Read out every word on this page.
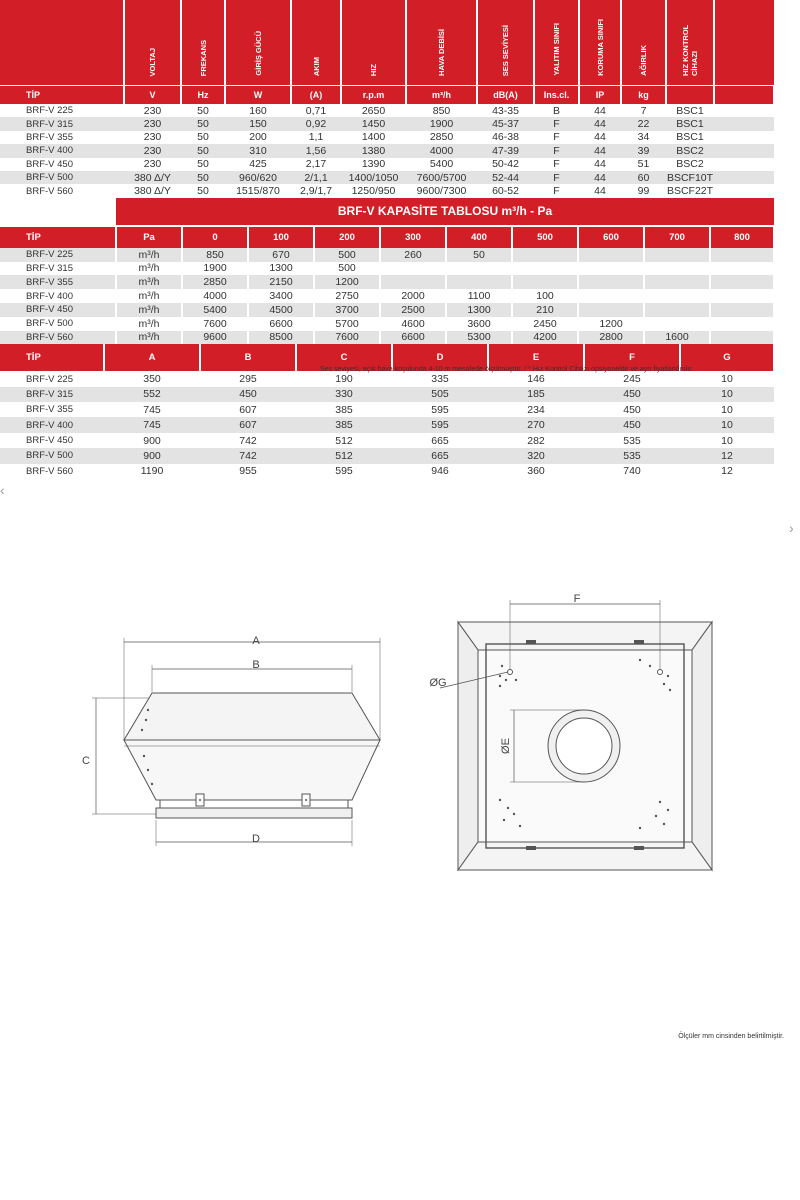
	VOLTAJ	FREKANS	GİRİŞ GÜCÜ	AKIM	HIZ	HAVA DEBİSİ	SES SEVİYESİ	YALITIM SINIFI	KORUMA SINIFI	AĞIRLIK	HIZ KONTROL CİHAZI	
TİP	V	Hz	W	(A)	r.p.m	m³/h	dB(A)	Ins.cl.	IP	kg		
BRF-V 225	230	50	160	0,71	2650	850	43-35	B	44	7	BSC1	
BRF-V 315	230	50	150	0,92	1450	1900	45-37	F	44	22	BSC1	
BRF-V 355	230	50	200	1,1	1400	2850	46-38	F	44	34	BSC1	
BRF-V 400	230	50	310	1,56	1380	4000	47-39	F	44	39	BSC2	
BRF-V 450	230	50	425	2,17	1390	5400	50-42	F	44	51	BSC2	
BRF-V 500	380 Δ/Y	50	960/620	2/1,1	1400/1050	7600/5700	52-44	F	44	60	BSCF10T	
BRF-V 560	380 Δ/Y	50	1515/870	2,9/1,7	1250/950	9600/7300	60-52	F	44	99	BSCF22T	
Ses seviyesi, açık hava koşulunda 4-10 m mesafede ölçülmüştür. / * Hız Kontrol Cihazı opsiyoneldir ve ayrı fiyatlandırılır.
	BRF-V KAPASİTE TABLOSU m³/h - Pa									
TİP	Pa	0	100	200	300	400	500	600	700	800
BRF-V 225	m³/h	850	670	500	260	50				
BRF-V 315	m³/h	1900	1300	500						
BRF-V 355	m³/h	2850	2150	1200						
BRF-V 400	m³/h	4000	3400	2750	2000	1100	100			
BRF-V 450	m³/h	5400	4500	3700	2500	1300	210			
BRF-V 500	m³/h	7600	6600	5700	4600	3600	2450	1200		
BRF-V 560	m³/h	9600	8500	7600	6600	5300	4200	2800	1600	
‹
›
A
B
C
D
F
ØE
ØG
TİP	A	B	C	D	E	F	G
BRF-V 225	350	295	190	335	146	245	10
BRF-V 315	552	450	330	505	185	450	10
BRF-V 355	745	607	385	595	234	450	10
BRF-V 400	745	607	385	595	270	450	10
BRF-V 450	900	742	512	665	282	535	10
BRF-V 500	900	742	512	665	320	535	12
BRF-V 560	1190	955	595	946	360	740	12
Ölçüler mm cinsinden belirtilmiştir.
